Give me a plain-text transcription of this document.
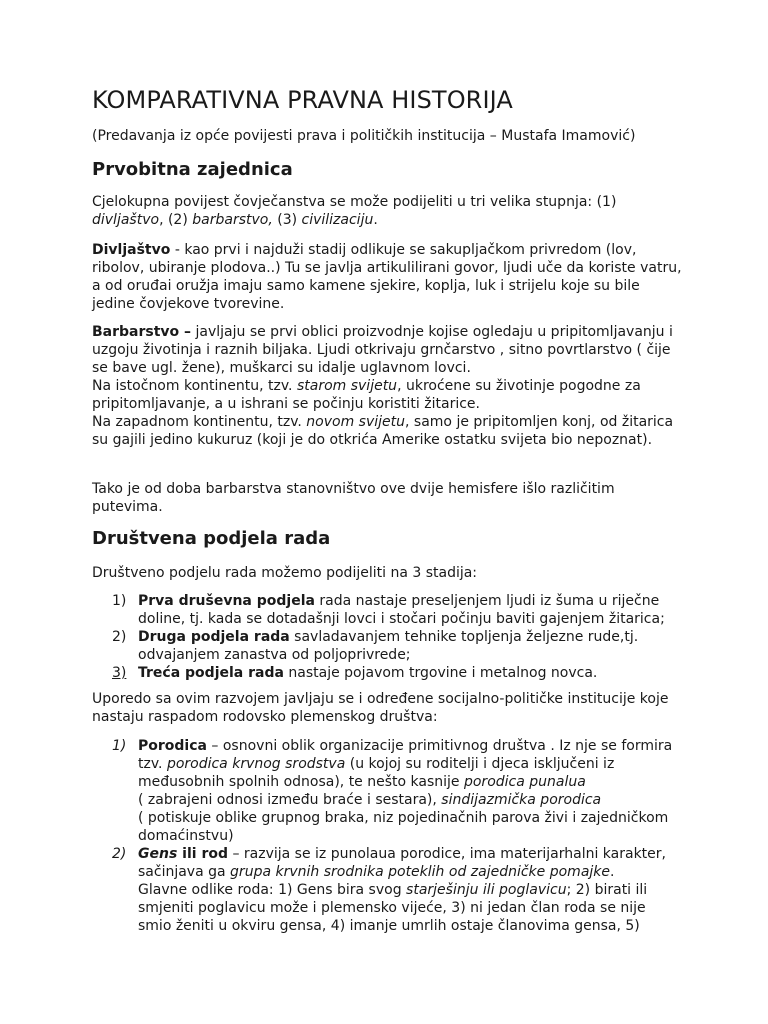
KOMPARATIVNA PRAVNA HISTORIJA

(Predavanja iz opće povijesti prava i političkih institucija – Mustafa Imamović)

Prvobitna zajednica

Cjelokupna povijest čovječanstva se može podijeliti u tri velika stupnja: (1) divljaštvo, (2) barbarstvo, (3) civilizaciju.

Divljaštvo - kao prvi i najduži stadij odlikuje se sakupljačkom privredom (lov, ribolov, ubiranje plodova..) Tu se javlja artikulilirani govor, ljudi uče da koriste vatru, a od oruđai oružja imaju samo kamene sjekire, koplja, luk i strijelu koje su bile jedine čovjekove tvorevine.

Barbarstvo – javljaju se prvi oblici proizvodnje kojise ogledaju u pripitomljavanju i uzgoju životinja i raznih biljaka. Ljudi otkrivaju grnčarstvo , sitno povrtlarstvo ( čije se bave ugl. žene), muškarci su idalje uglavnom lovci.
Na istočnom kontinentu, tzv. starom svijetu, ukroćene su životinje pogodne za pripitomljavanje, a u ishrani se počinju koristiti žitarice.
Na zapadnom kontinentu, tzv. novom svijetu, samo je pripitomljen konj, od žitarica su gajili jedino kukuruz (koji je do otkrića Amerike ostatku svijeta bio nepoznat).

Tako je od doba barbarstva stanovništvo ove dvije hemisfere išlo različitim putevima.

Društvena podjela rada

Društveno podjelu rada možemo podijeliti na 3 stadija:

1) Prva druševna podjela rada nastaje preseljenjem ljudi iz šuma u riječne doline, tj. kada se dotadašnji lovci i stočari počinju baviti gajenjem žitarica;
2) Druga podjela rada savladavanjem tehnike topljenja željezne rude,tj. odvajanjem zanastva od poljoprivrede;
3) Treća podjela rada nastaje pojavom trgovine i metalnog novca.

Uporedo sa ovim razvojem javljaju se i određene socijalno-političke institucije koje nastaju raspadom rodovsko plemenskog društva:

1) Porodica – osnovni oblik organizacije primitivnog društva . Iz nje se formira tzv. porodica krvnog srodstva (u kojoj su roditelji i djeca isključeni iz međusobnih spolnih odnosa), te nešto kasnije porodica punalua
( zabrajeni odnosi između braće i sestara), sindijazmička porodica
( potiskuje oblike grupnog braka, niz pojedinačnih parova živi i zajedničkom domaćinstvu)
2) Gens ili rod – razvija se iz punolaua porodice, ima materijarhalni karakter, sačinjava ga grupa krvnih srodnika poteklih od zajedničke pomajke.
Glavne odlike roda: 1) Gens bira svog starješinju ili poglavicu; 2) birati ili smjeniti poglavicu može i plemensko vijeće, 3) ni jedan član roda se nije smio ženiti u okviru gensa, 4) imanje umrlih ostaje članovima gensa, 5)
